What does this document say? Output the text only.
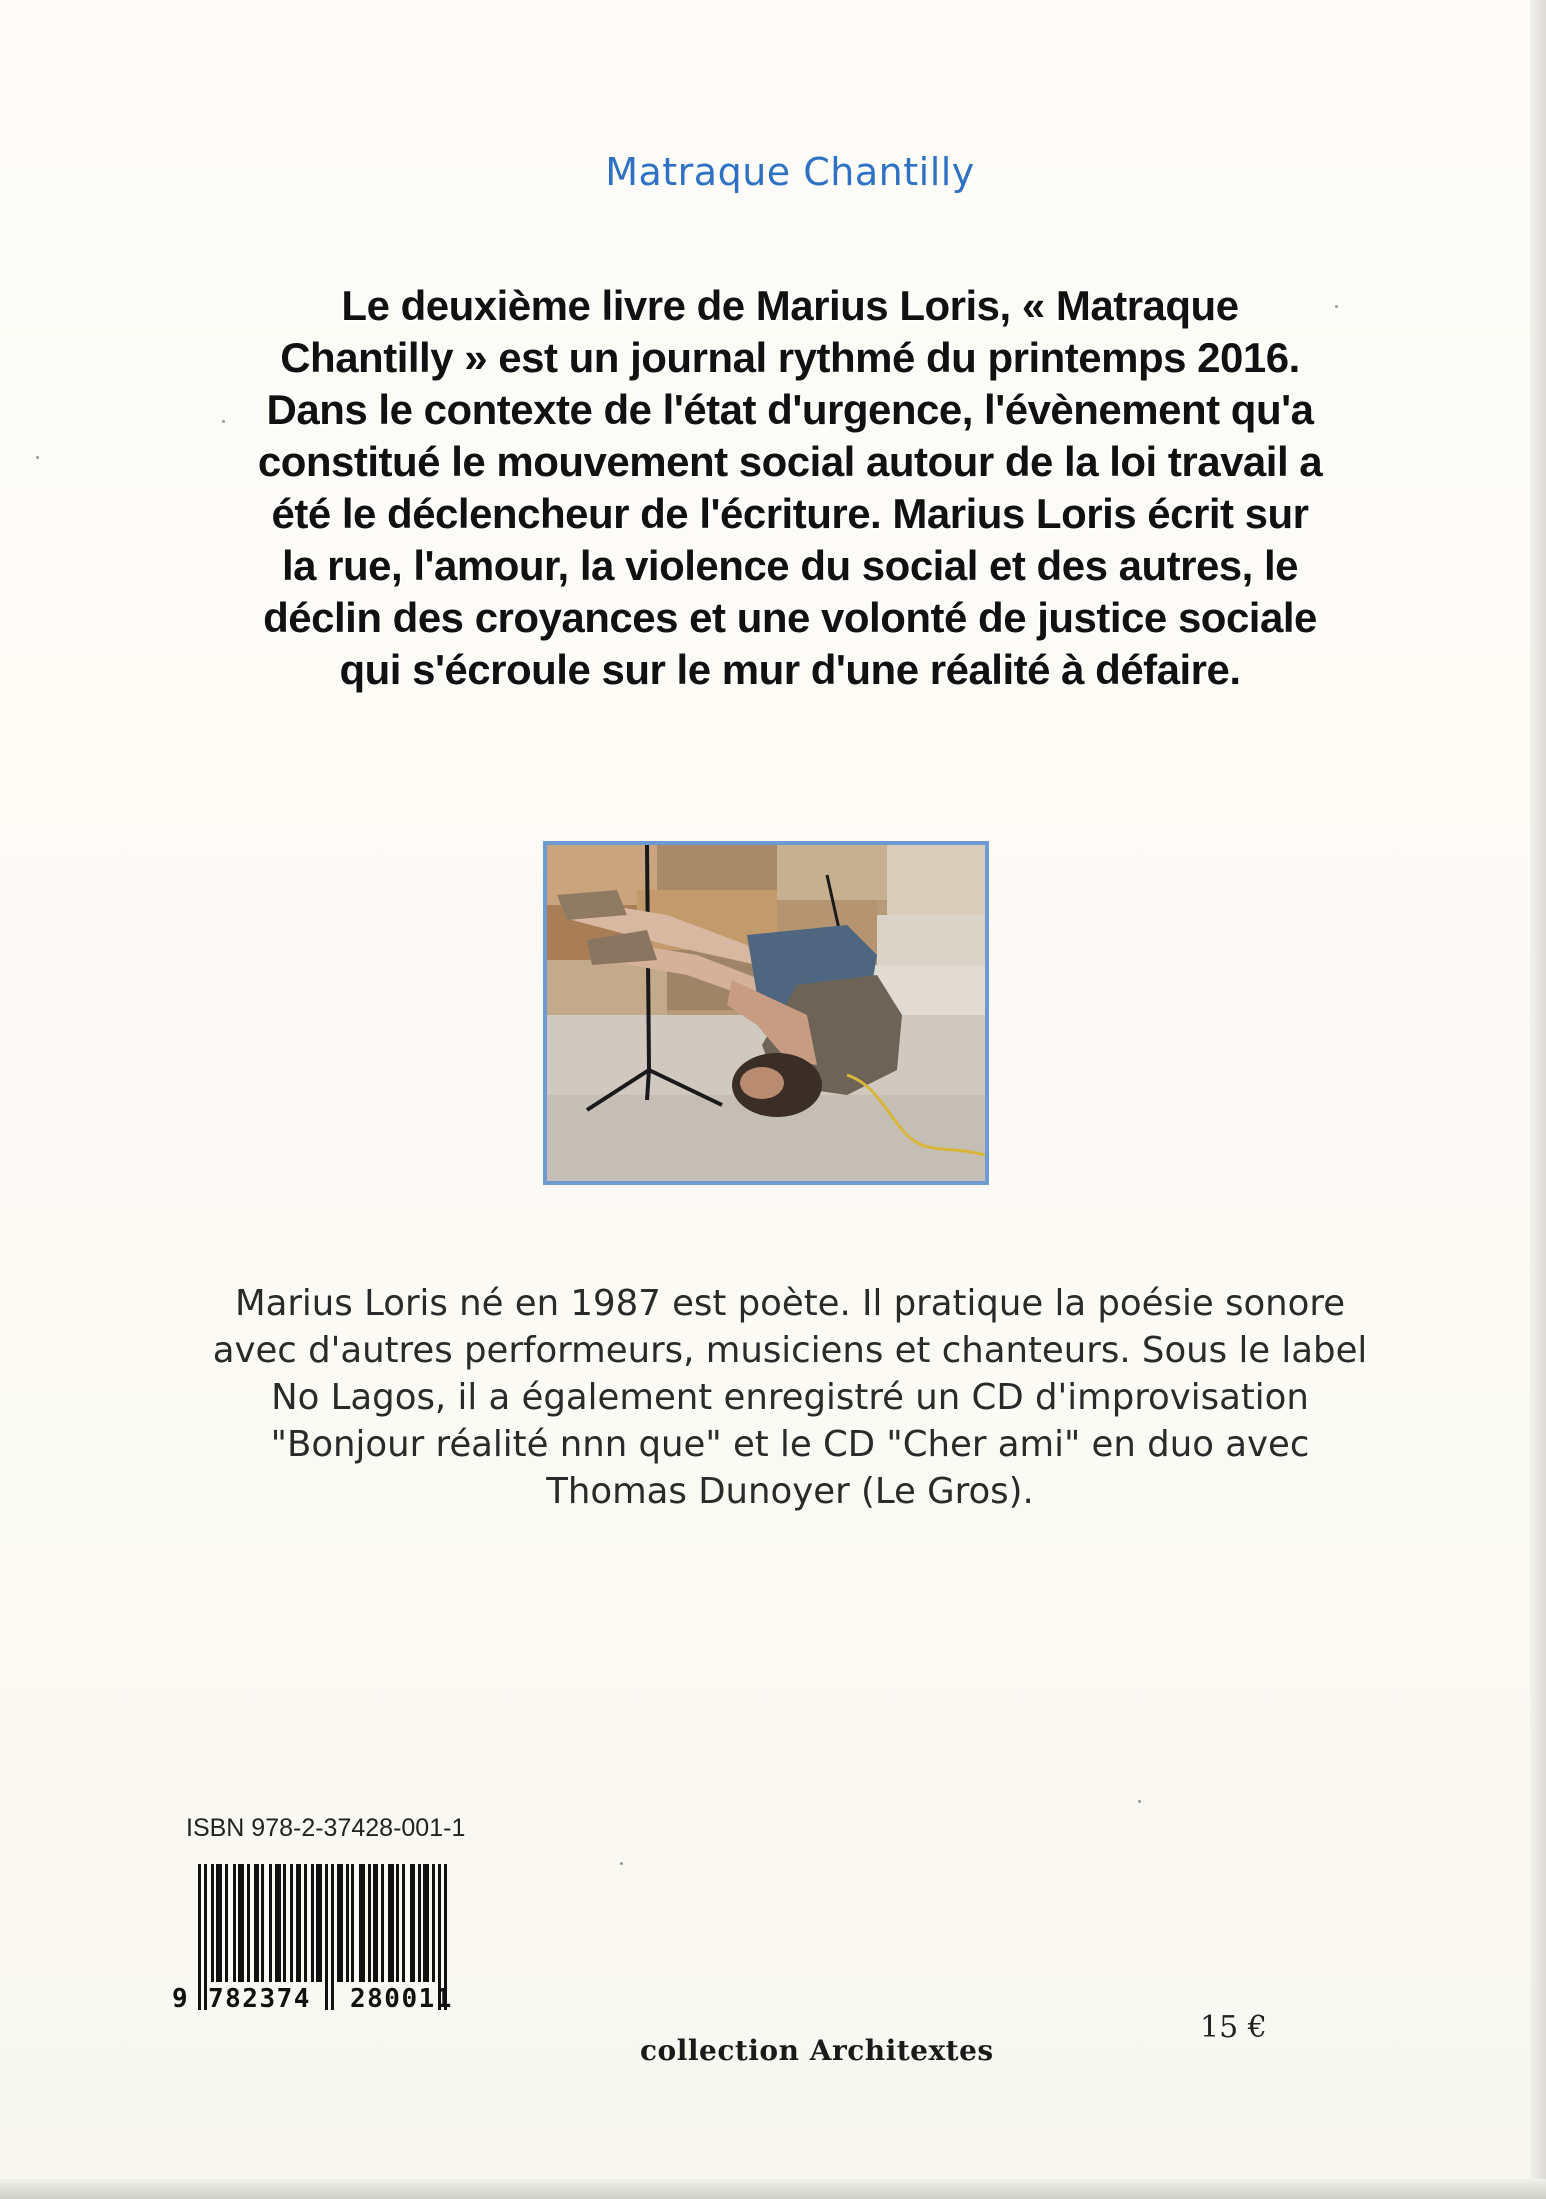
Matraque Chantilly
Le deuxième livre de Marius Loris, « Matraque Chantilly » est un journal rythmé du printemps 2016. Dans le contexte de l'état d'urgence, l'évènement qu'a constitué le mouvement social autour de la loi travail a été le déclencheur de l'écriture. Marius Loris écrit sur la rue, l'amour, la violence du social et des autres, le déclin des croyances et une volonté de justice sociale qui s'écroule sur le mur d'une réalité à défaire.
Marius Loris né en 1987 est poète. Il pratique la poésie sonore avec d'autres performeurs, musiciens et chanteurs. Sous le label No Lagos, il a également enregistré un CD d'improvisation "Bonjour réalité nnn que" et le CD "Cher ami" en duo avec Thomas Dunoyer (Le Gros).
ISBN 978-2-37428-001-1
9 782374 280011
15 €
collection Architextes
